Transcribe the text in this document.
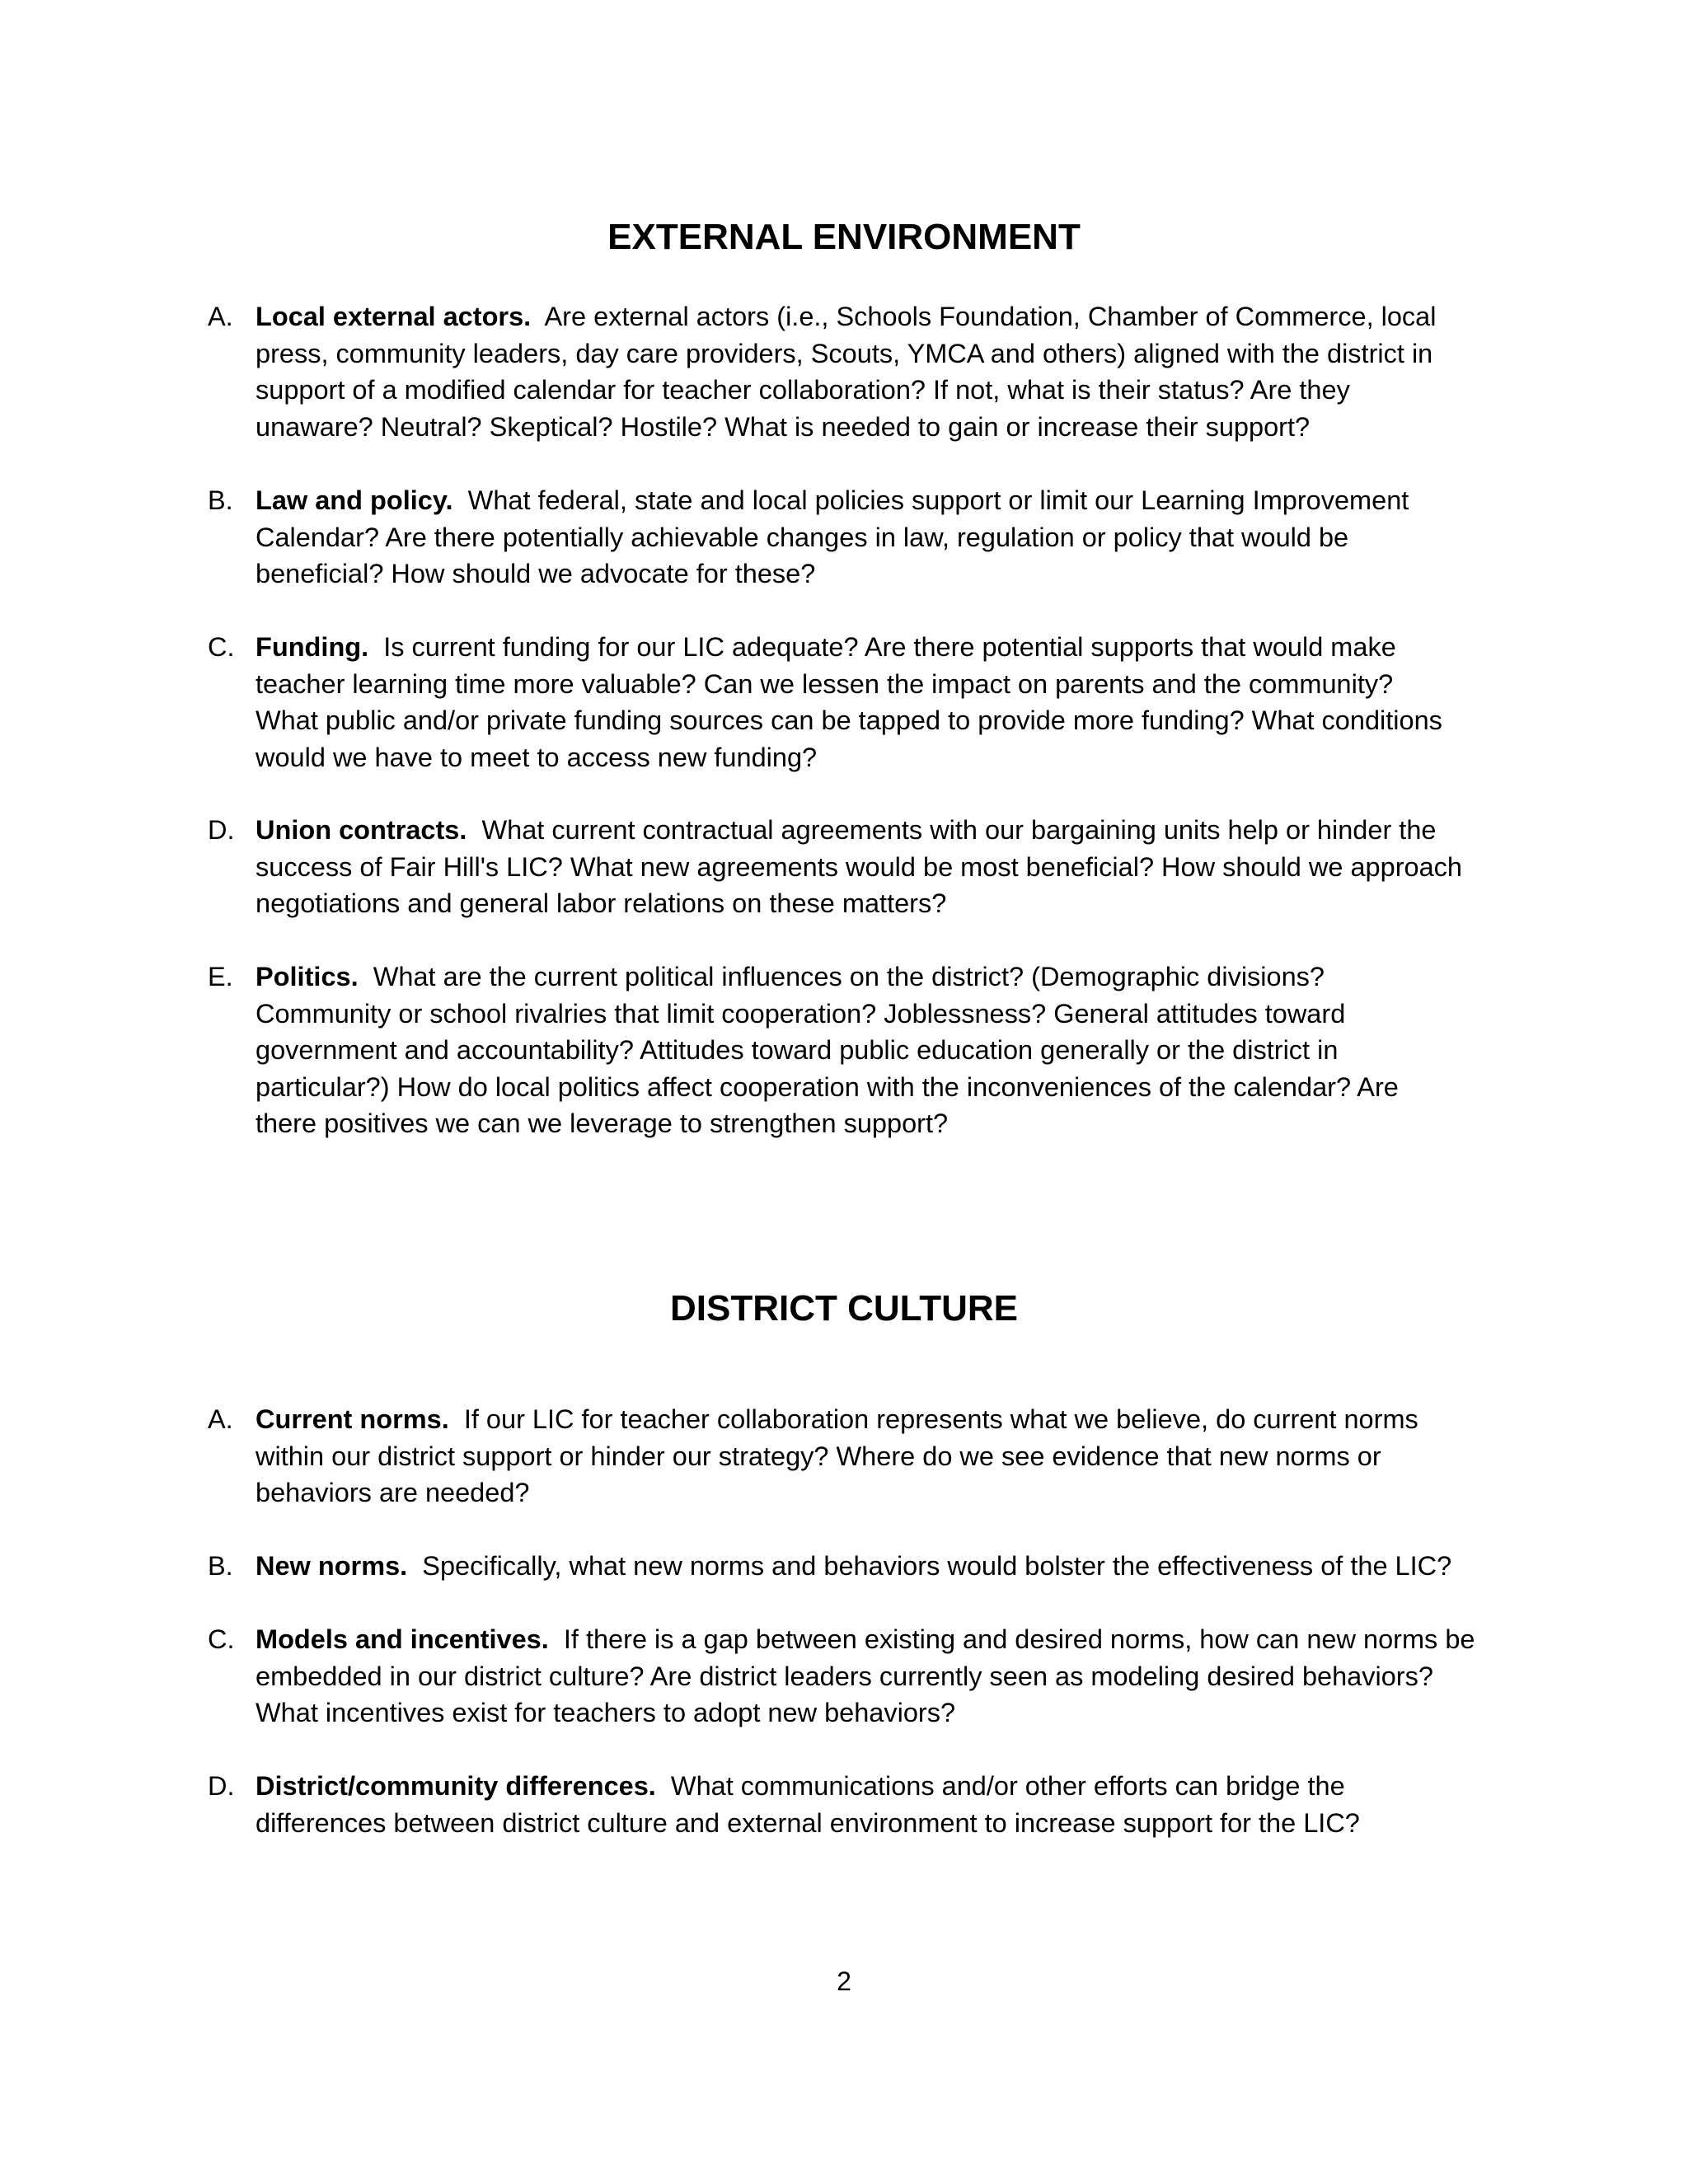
EXTERNAL ENVIRONMENT
A. Local external actors. Are external actors (i.e., Schools Foundation, Chamber of Commerce, local
press, community leaders, day care providers, Scouts, YMCA and others) aligned with the district in
support of a modified calendar for teacher collaboration? If not, what is their status? Are they
unaware? Neutral? Skeptical? Hostile? What is needed to gain or increase their support?
B. Law and policy. What federal, state and local policies support or limit our Learning Improvement
Calendar? Are there potentially achievable changes in law, regulation or policy that would be
beneficial? How should we advocate for these?
C. Funding. Is current funding for our LIC adequate? Are there potential supports that would make
teacher learning time more valuable? Can we lessen the impact on parents and the community?
What public and/or private funding sources can be tapped to provide more funding? What conditions
would we have to meet to access new funding?
D. Union contracts. What current contractual agreements with our bargaining units help or hinder the
success of Fair Hill's LIC? What new agreements would be most beneficial? How should we approach
negotiations and general labor relations on these matters?
E. Politics. What are the current political influences on the district? (Demographic divisions?
Community or school rivalries that limit cooperation? Joblessness? General attitudes toward
government and accountability? Attitudes toward public education generally or the district in
particular?) How do local politics affect cooperation with the inconveniences of the calendar? Are
there positives we can we leverage to strengthen support?
DISTRICT CULTURE
A. Current norms. If our LIC for teacher collaboration represents what we believe, do current norms
within our district support or hinder our strategy? Where do we see evidence that new norms or
behaviors are needed?
B. New norms. Specifically, what new norms and behaviors would bolster the effectiveness of the LIC?
C. Models and incentives. If there is a gap between existing and desired norms, how can new norms be
embedded in our district culture? Are district leaders currently seen as modeling desired behaviors?
What incentives exist for teachers to adopt new behaviors?
D. District/community differences. What communications and/or other efforts can bridge the
differences between district culture and external environment to increase support for the LIC?
2
